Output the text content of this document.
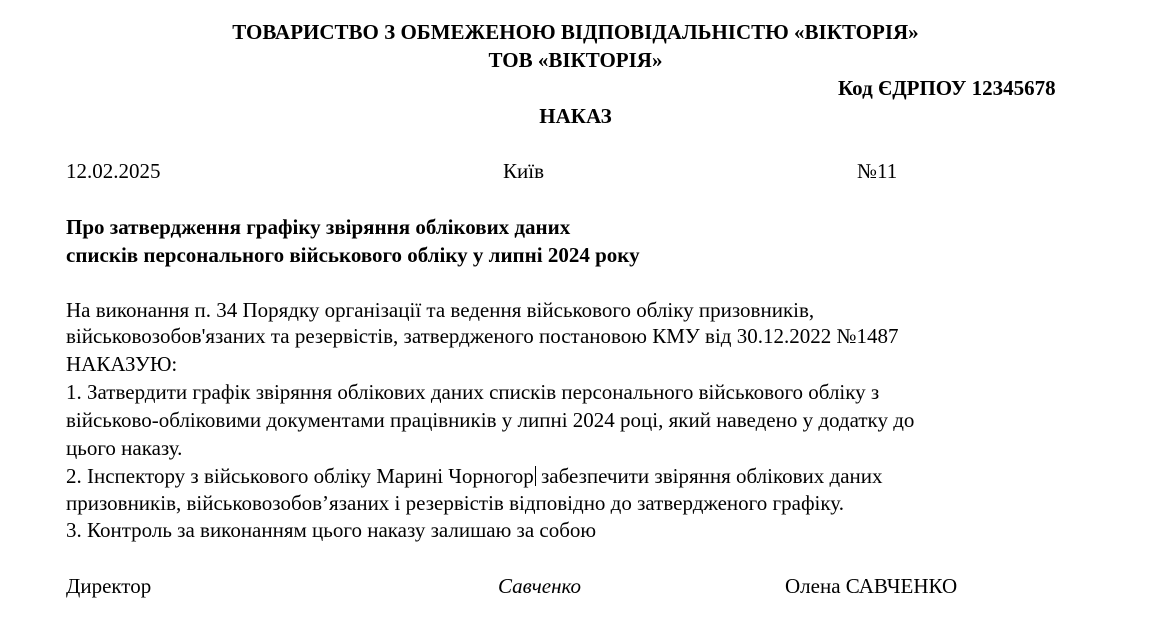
ТОВАРИСТВО З ОБМЕЖЕНОЮ ВІДПОВІДАЛЬНІСТЮ «ВІКТОРІЯ»
ТОВ «ВІКТОРІЯ»
Код ЄДРПОУ 12345678
НАКАЗ
12.02.2025	Київ	№11
Про затвердження графіку звіряння облікових даних
списків персонального військового обліку у липні 2024 року
На виконання п. 34 Порядку організації та ведення військового обліку призовників,
військовозобов'язаних та резервістів, затвердженого постановою КМУ від 30.12.2022 №1487
НАКАЗУЮ:
1. Затвердити графік звіряння облікових даних списків персонального військового обліку з
військово-обліковими документами працівників у липні 2024 році, який наведено у додатку до
цього наказу.
2. Інспектору з військового обліку Марині Чорногор забезпечити звіряння облікових даних
призовників, військовозобов’язаних і резервістів відповідно до затвердженого графіку.
3. Контроль за виконанням цього наказу залишаю за собою
Директор	Савченко	Олена САВЧЕНКО
